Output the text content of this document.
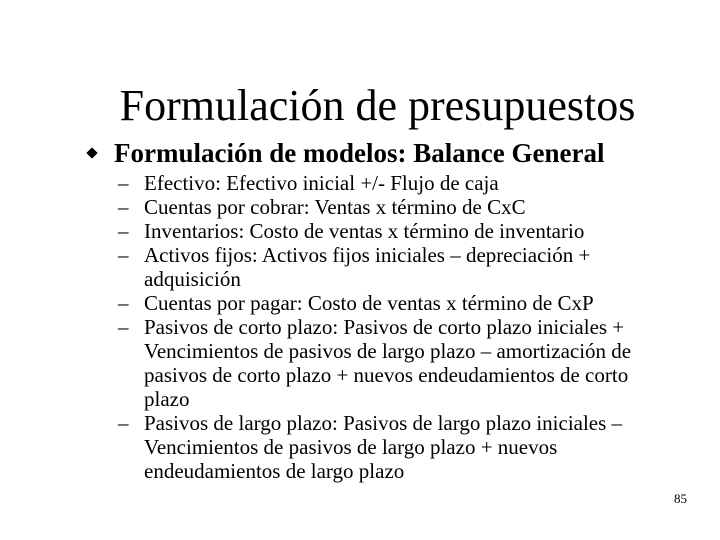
Formulación de presupuestos
Formulación de modelos: Balance General
– Efectivo: Efectivo inicial +/- Flujo de caja
– Cuentas por cobrar: Ventas x término de CxC
– Inventarios: Costo de ventas x término de inventario
– Activos fijos: Activos fijos iniciales – depreciación + adquisición
– Cuentas por pagar: Costo de ventas x término de CxP
– Pasivos de corto plazo: Pasivos de corto plazo iniciales + Vencimientos de pasivos de largo plazo – amortización de pasivos de corto plazo + nuevos endeudamientos de corto plazo
– Pasivos de largo plazo: Pasivos de largo plazo iniciales – Vencimientos de pasivos de largo plazo + nuevos endeudamientos de largo plazo
85
